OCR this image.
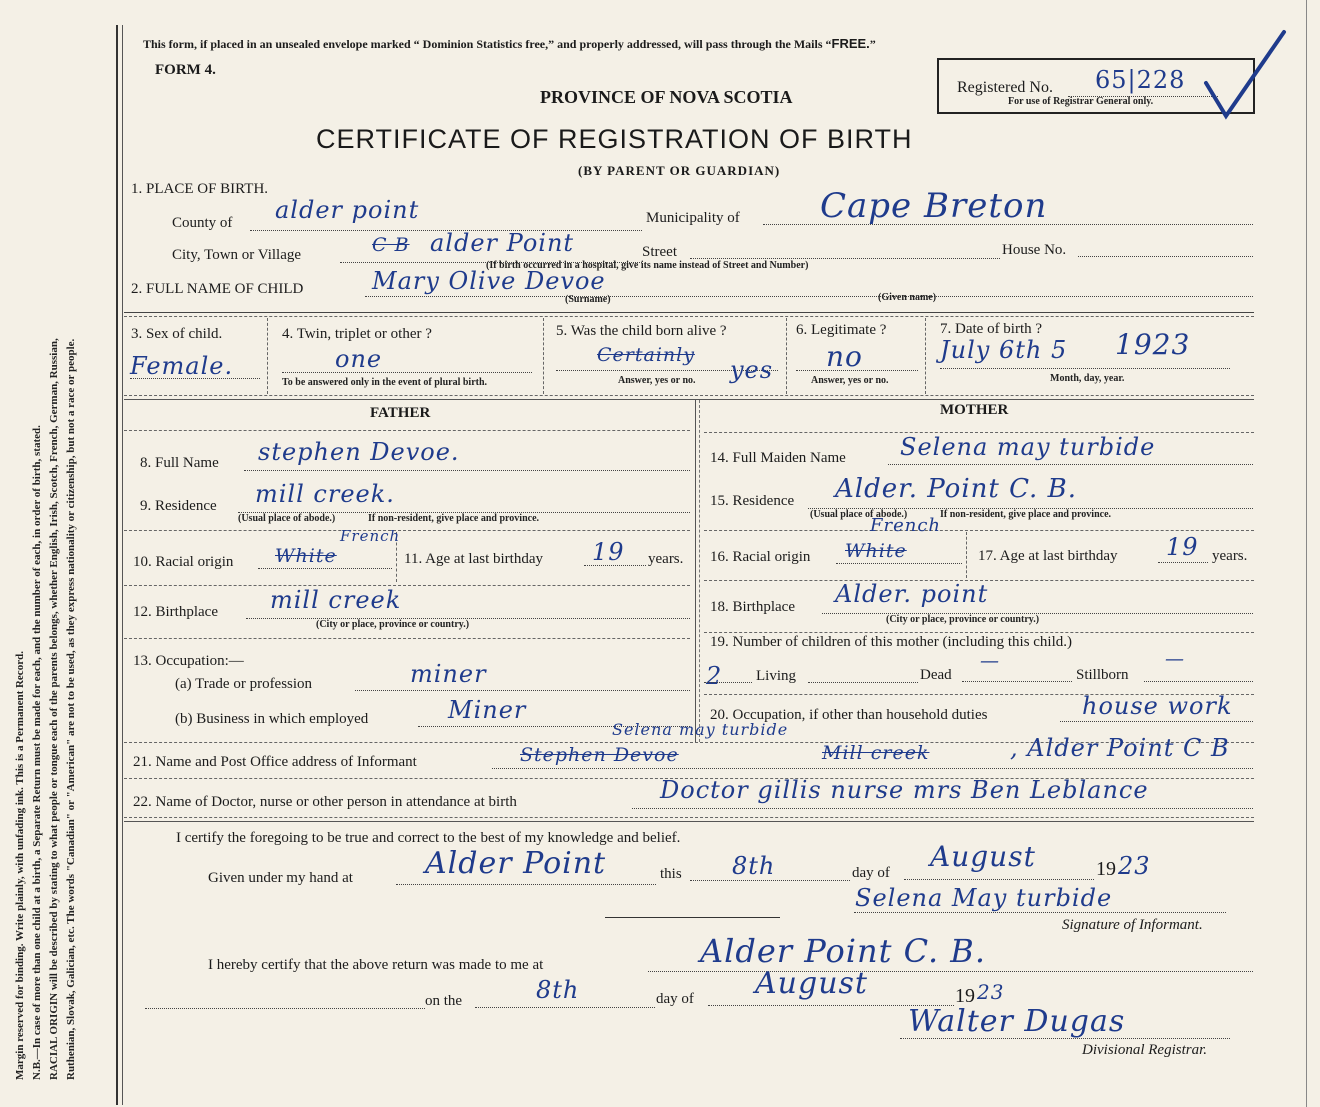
Margin reserved for binding. Write plainly, with unfading ink. This is a Permanent Record. N.B.—In case of more than one child at a birth, a Separate Return must be made for each, and the number of each, in order of birth, stated. RACIAL ORIGIN will be described by stating to what people or tongue each of the parents belongs, whether English, Irish, Scotch, French, German, Russian, Ruthenian, Slovak, Galician, etc. The words "Canadian" or "American" are not to be used, as they express nationality or citizenship, but not a race or people.
This form, if placed in an unsealed envelope marked “ Dominion Statistics free,” and properly addressed, will pass through the Mails “FREE.”
FORM 4.
PROVINCE OF NOVA SCOTIA
CERTIFICATE OF REGISTRATION OF BIRTH
(BY PARENT OR GUARDIAN)
Registered No. 65|228
For use of Registrar General only.
1. PLACE OF BIRTH.
County of alder point	Municipality of Cape Breton
City, Town or Village	C B alder Point	Street	House No.
(If birth occurred in a hospital, give its name instead of Street and Number)
2. FULL NAME OF CHILD	Mary Olive Devoe
(Surname)	(Given name)
3. Sex of child.
Female.
4. Twin, triplet or other ?
one
To be answered only in the event of plural birth.
5. Was the child born alive ?
Certainly
yes
Answer, yes or no.
6. Legitimate ?
no
Answer, yes or no.
7. Date of birth ?
July 6th 5 1923
Month, day, year.
FATHER	MOTHER
8. Full Name stephen Devoe.
9. Residence mill creek.
(Usual place of abode.)	If non-resident, give place and province.
10. Racial origin White
French
11. Age at last birthday 19 years.
12. Birthplace mill creek
(City or place, province or country.)
13. Occupation:—
(a) Trade or profession	miner
(b) Business in which employed	Miner
14. Full Maiden Name Selena may turbide
15. Residence Alder. Point C. B.
(Usual place of abode.)	If non-resident, give place and province.
16. Racial origin White
French
17. Age at last birthday 19 years.
18. Birthplace Alder. point
(City or place, province or country.)
19. Number of children of this mother (including this child.)
2 Living	Dead
—
Stillborn
—
20. Occupation, if other than household duties	house work
21. Name and Post Office address of Informant	Stephen Devoe
Selena may turbide
Mill creek	, Alder Point C B
22. Name of Doctor, nurse or other person in attendance at birth	Doctor gillis nurse mrs Ben Leblance
I certify the foregoing to be true and correct to the best of my knowledge and belief.
Given under my hand at Alder Point	this 8th	day of August	19 23
Selena May turbide
Signature of Informant.
I hereby certify that the above return was made to me at	Alder Point C. B.
on the	8th	day of August	19 23
Walter Dugas
Divisional Registrar.
